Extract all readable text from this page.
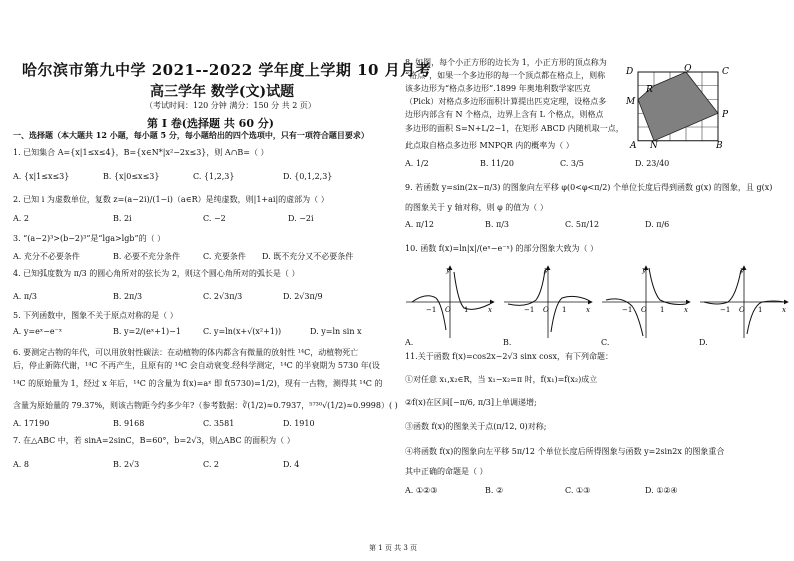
哈尔滨市第九中学 2021--2022 学年度上学期 10 月月考
高三学年 数学(文)试题
（考试时间：120 分钟 满分：150 分 共 2 页）
第 Ⅰ 卷(选择题 共 60 分)
一、选择题（本大题共 12 小题，每小题 5 分，每小题给出的四个选项中，只有一项符合题目要求）
1. 已知集合 A={x|1≤x≤4}，B={x∈N*|x²−2x≤3}，则 A∩B=（ ）
A. {x|1≤x≤3}	B. {x|0≤x≤3}	C. {1,2,3}	D. {0,1,2,3}
2. 已知 i 为虚数单位，复数 z=(a−2i)/(1−i)（a∈R）是纯虚数，则|1+ai|的虚部为（ ）
A. 2	B. 2i	C. −2	D. −2i
3. “(a−2)³>(b−2)³”是“lga>lgb”的（ ）
A. 充分不必要条件	B. 必要不充分条件	C. 充要条件 D. 既不充分又不必要条件
4. 已知弧度数为 π/3 的圆心角所对的弦长为 2，则这个圆心角所对的弧长是（ ）
A. π/3	B. 2π/3	C. 2√3π/3	D. 2√3π/9
5. 下列函数中，图象不关于原点对称的是（ ）
A. y=eˣ−e⁻ˣ	B. y=2/(eˣ+1)−1	C. y=ln(x+√(x²+1))	D. y=ln sin x
6. 要测定古物的年代，可以用放射性碳法：在动植物的体内都含有微量的放射性 ¹⁴C，动植物死亡
后，停止新陈代谢，¹⁴C 不再产生，且原有的 ¹⁴C 会自动衰变.经科学测定，¹⁴C 的半衰期为 5730 年(设
¹⁴C 的原始量为 1，经过 x 年后，¹⁴C 的含量为 f(x)=aˣ 即 f(5730)=1/2)，现有一古物，测得其 ¹⁴C 的
含量为原始量的 79.37%，则该古物距今约多少年?（参考数据：∛(1/2)≈0.7937，⁵⁷³⁰√(1/2)≈0.9998）( )
A. 17190	B. 9168	C. 3581	D. 1910
7. 在△ABC 中，若 sinA=2sinC，B=60°，b=2√3，则△ABC 的面积为（ ）
A. 8	B. 2√3	C. 2	D. 4
8. 如图，每个小正方形的边长为 1，小正方形的顶点称为
“格点”，如果一个多边形的每一个顶点都在格点上，则称
该多边形为“格点多边形”.1899 年奥地利数学家匹克
（Pick）对格点多边形面积计算提出匹克定理，设格点多
边形内部含有 N 个格点，边界上含有 L 个格点，则格点
多边形的面积 S=N+L/2−1，在矩形 ABCD 内随机取一点，
此点取自格点多边形 MNPQR 内的概率为（ ）
A. 1/2	B. 11/20	C. 3/5	D. 23/40
D	Q	C
R
M
P
A N	B
9. 若函数 y=sin(2x−π/3) 的图象向左平移 φ(0<φ<π/2) 个单位长度后得到函数 g(x) 的图象，且 g(x)
的图象关于 y 轴对称，则 φ 的值为（ ）
A. π/12	B. π/3	C. 5π/12	D. π/6
10. 函数 f(x)=ln|x|/(eˣ−e⁻ˣ) 的部分图象大致为（ ）
y
x
−1 O 1
y
x
−1 O 1
y
x
−1 O 1
y
x
−1 O 1
A.	B.	C.	D.
11.关于函数 f(x)=cos2x−2√3 sinx cosx，有下列命题：
①对任意 x₁,x₂∈R，当 x₁−x₂=π 时，f(x₁)=f(x₂)成立
②f(x)在区间[−π/6, π/3]上单调递增;
③函数 f(x)的图象关于点(π/12, 0)对称;
④将函数 f(x)的图象向左平移 5π/12 个单位长度后所得图象与函数 y=2sin2x 的图象重合
其中正确的命题是（ ）
A. ①②③	B. ②	C. ①③	D. ①②④
第 1 页 共 3 页
